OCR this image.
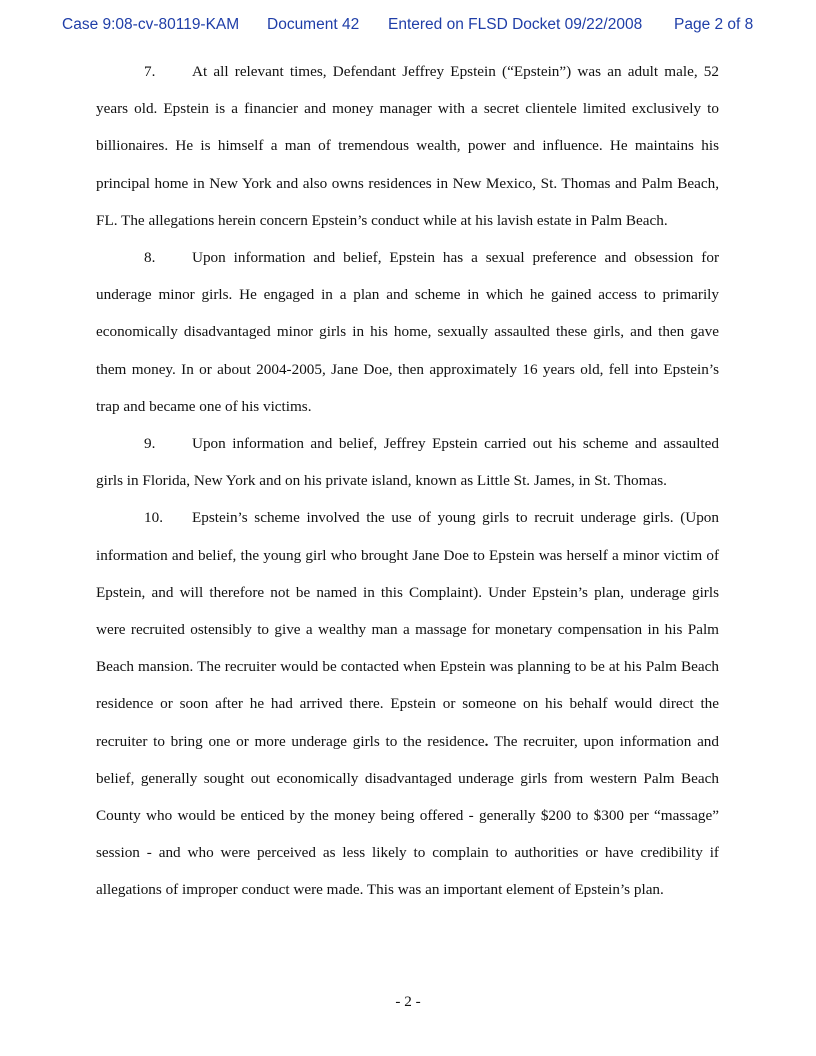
Case 9:08-cv-80119-KAM Document 42 Entered on FLSD Docket 09/22/2008 Page 2 of 8

7. At all relevant times, Defendant Jeffrey Epstein (“Epstein”) was an adult male, 52 years old. Epstein is a financier and money manager with a secret clientele limited exclusively to billionaires. He is himself a man of tremendous wealth, power and influence. He maintains his principal home in New York and also owns residences in New Mexico, St. Thomas and Palm Beach, FL. The allegations herein concern Epstein’s conduct while at his lavish estate in Palm Beach.

8. Upon information and belief, Epstein has a sexual preference and obsession for underage minor girls. He engaged in a plan and scheme in which he gained access to primarily economically disadvantaged minor girls in his home, sexually assaulted these girls, and then gave them money. In or about 2004-2005, Jane Doe, then approximately 16 years old, fell into Epstein’s trap and became one of his victims.

9. Upon information and belief, Jeffrey Epstein carried out his scheme and assaulted girls in Florida, New York and on his private island, known as Little St. James, in St. Thomas.

10. Epstein’s scheme involved the use of young girls to recruit underage girls. (Upon information and belief, the young girl who brought Jane Doe to Epstein was herself a minor victim of Epstein, and will therefore not be named in this Complaint). Under Epstein’s plan, underage girls were recruited ostensibly to give a wealthy man a massage for monetary compensation in his Palm Beach mansion. The recruiter would be contacted when Epstein was planning to be at his Palm Beach residence or soon after he had arrived there. Epstein or someone on his behalf would direct the recruiter to bring one or more underage girls to the residence. The recruiter, upon information and belief, generally sought out economically disadvantaged underage girls from western Palm Beach County who would be enticed by the money being offered - generally $200 to $300 per “massage” session - and who were perceived as less likely to complain to authorities or have credibility if allegations of improper conduct were made. This was an important element of Epstein’s plan.

- 2 -
